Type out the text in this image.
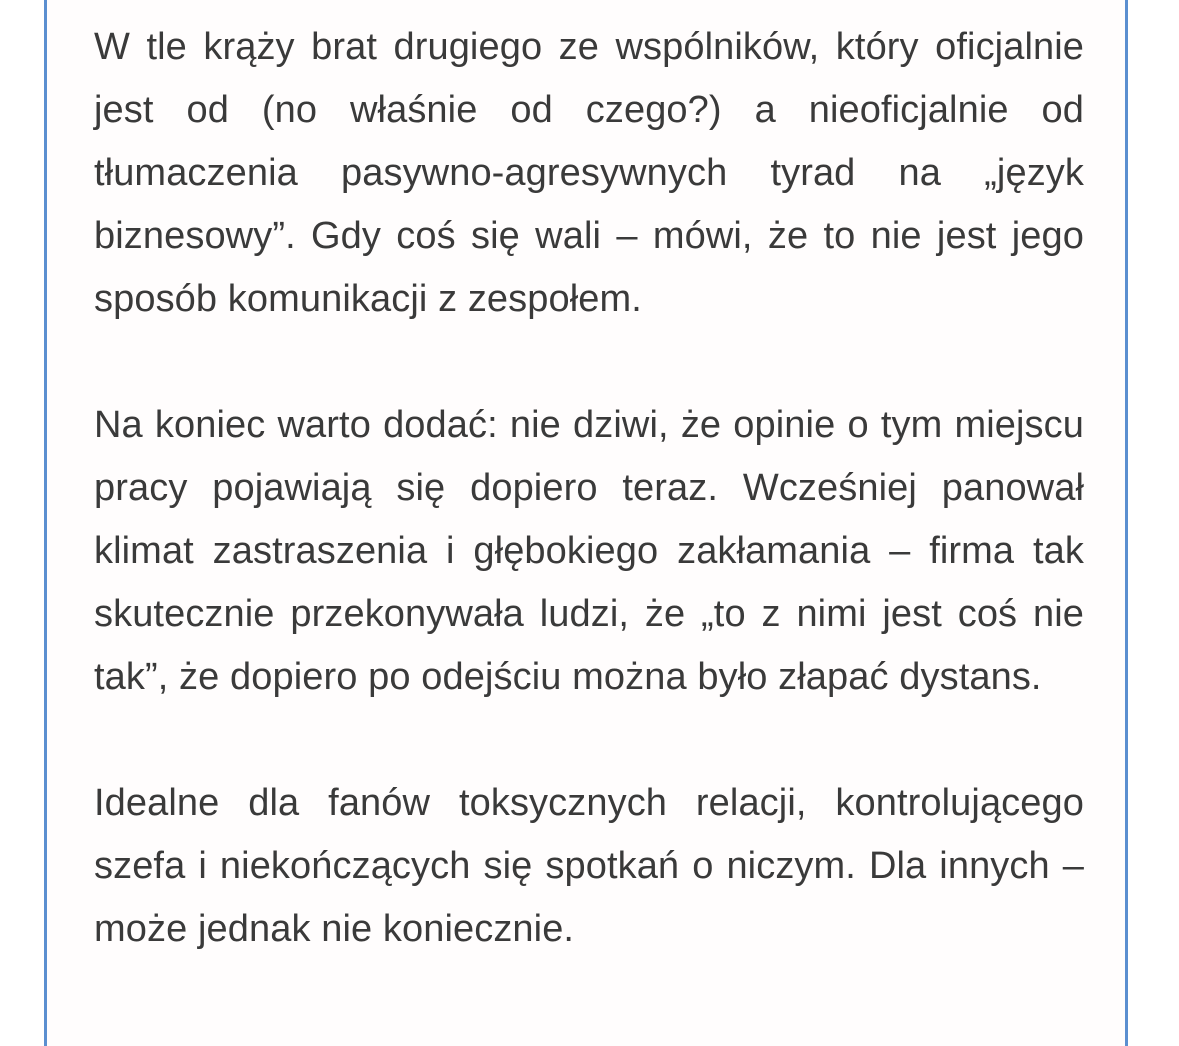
W tle krąży brat drugiego ze wspólników, który oficjalnie jest od (no właśnie od czego?) a nieoficjalnie od tłumaczenia pasywno-agresywnych tyrad na „język biznesowy”. Gdy coś się wali – mówi, że to nie jest jego sposób komunikacji z zespołem.

Na koniec warto dodać: nie dziwi, że opinie o tym miejscu pracy pojawiają się dopiero teraz. Wcześniej panował klimat zastraszenia i głębokiego zakłamania – firma tak skutecznie przekonywała ludzi, że „to z nimi jest coś nie tak”, że dopiero po odejściu można było złapać dystans.

Idealne dla fanów toksycznych relacji, kontrolującego szefa i niekończących się spotkań o niczym. Dla innych – może jednak nie koniecznie.
